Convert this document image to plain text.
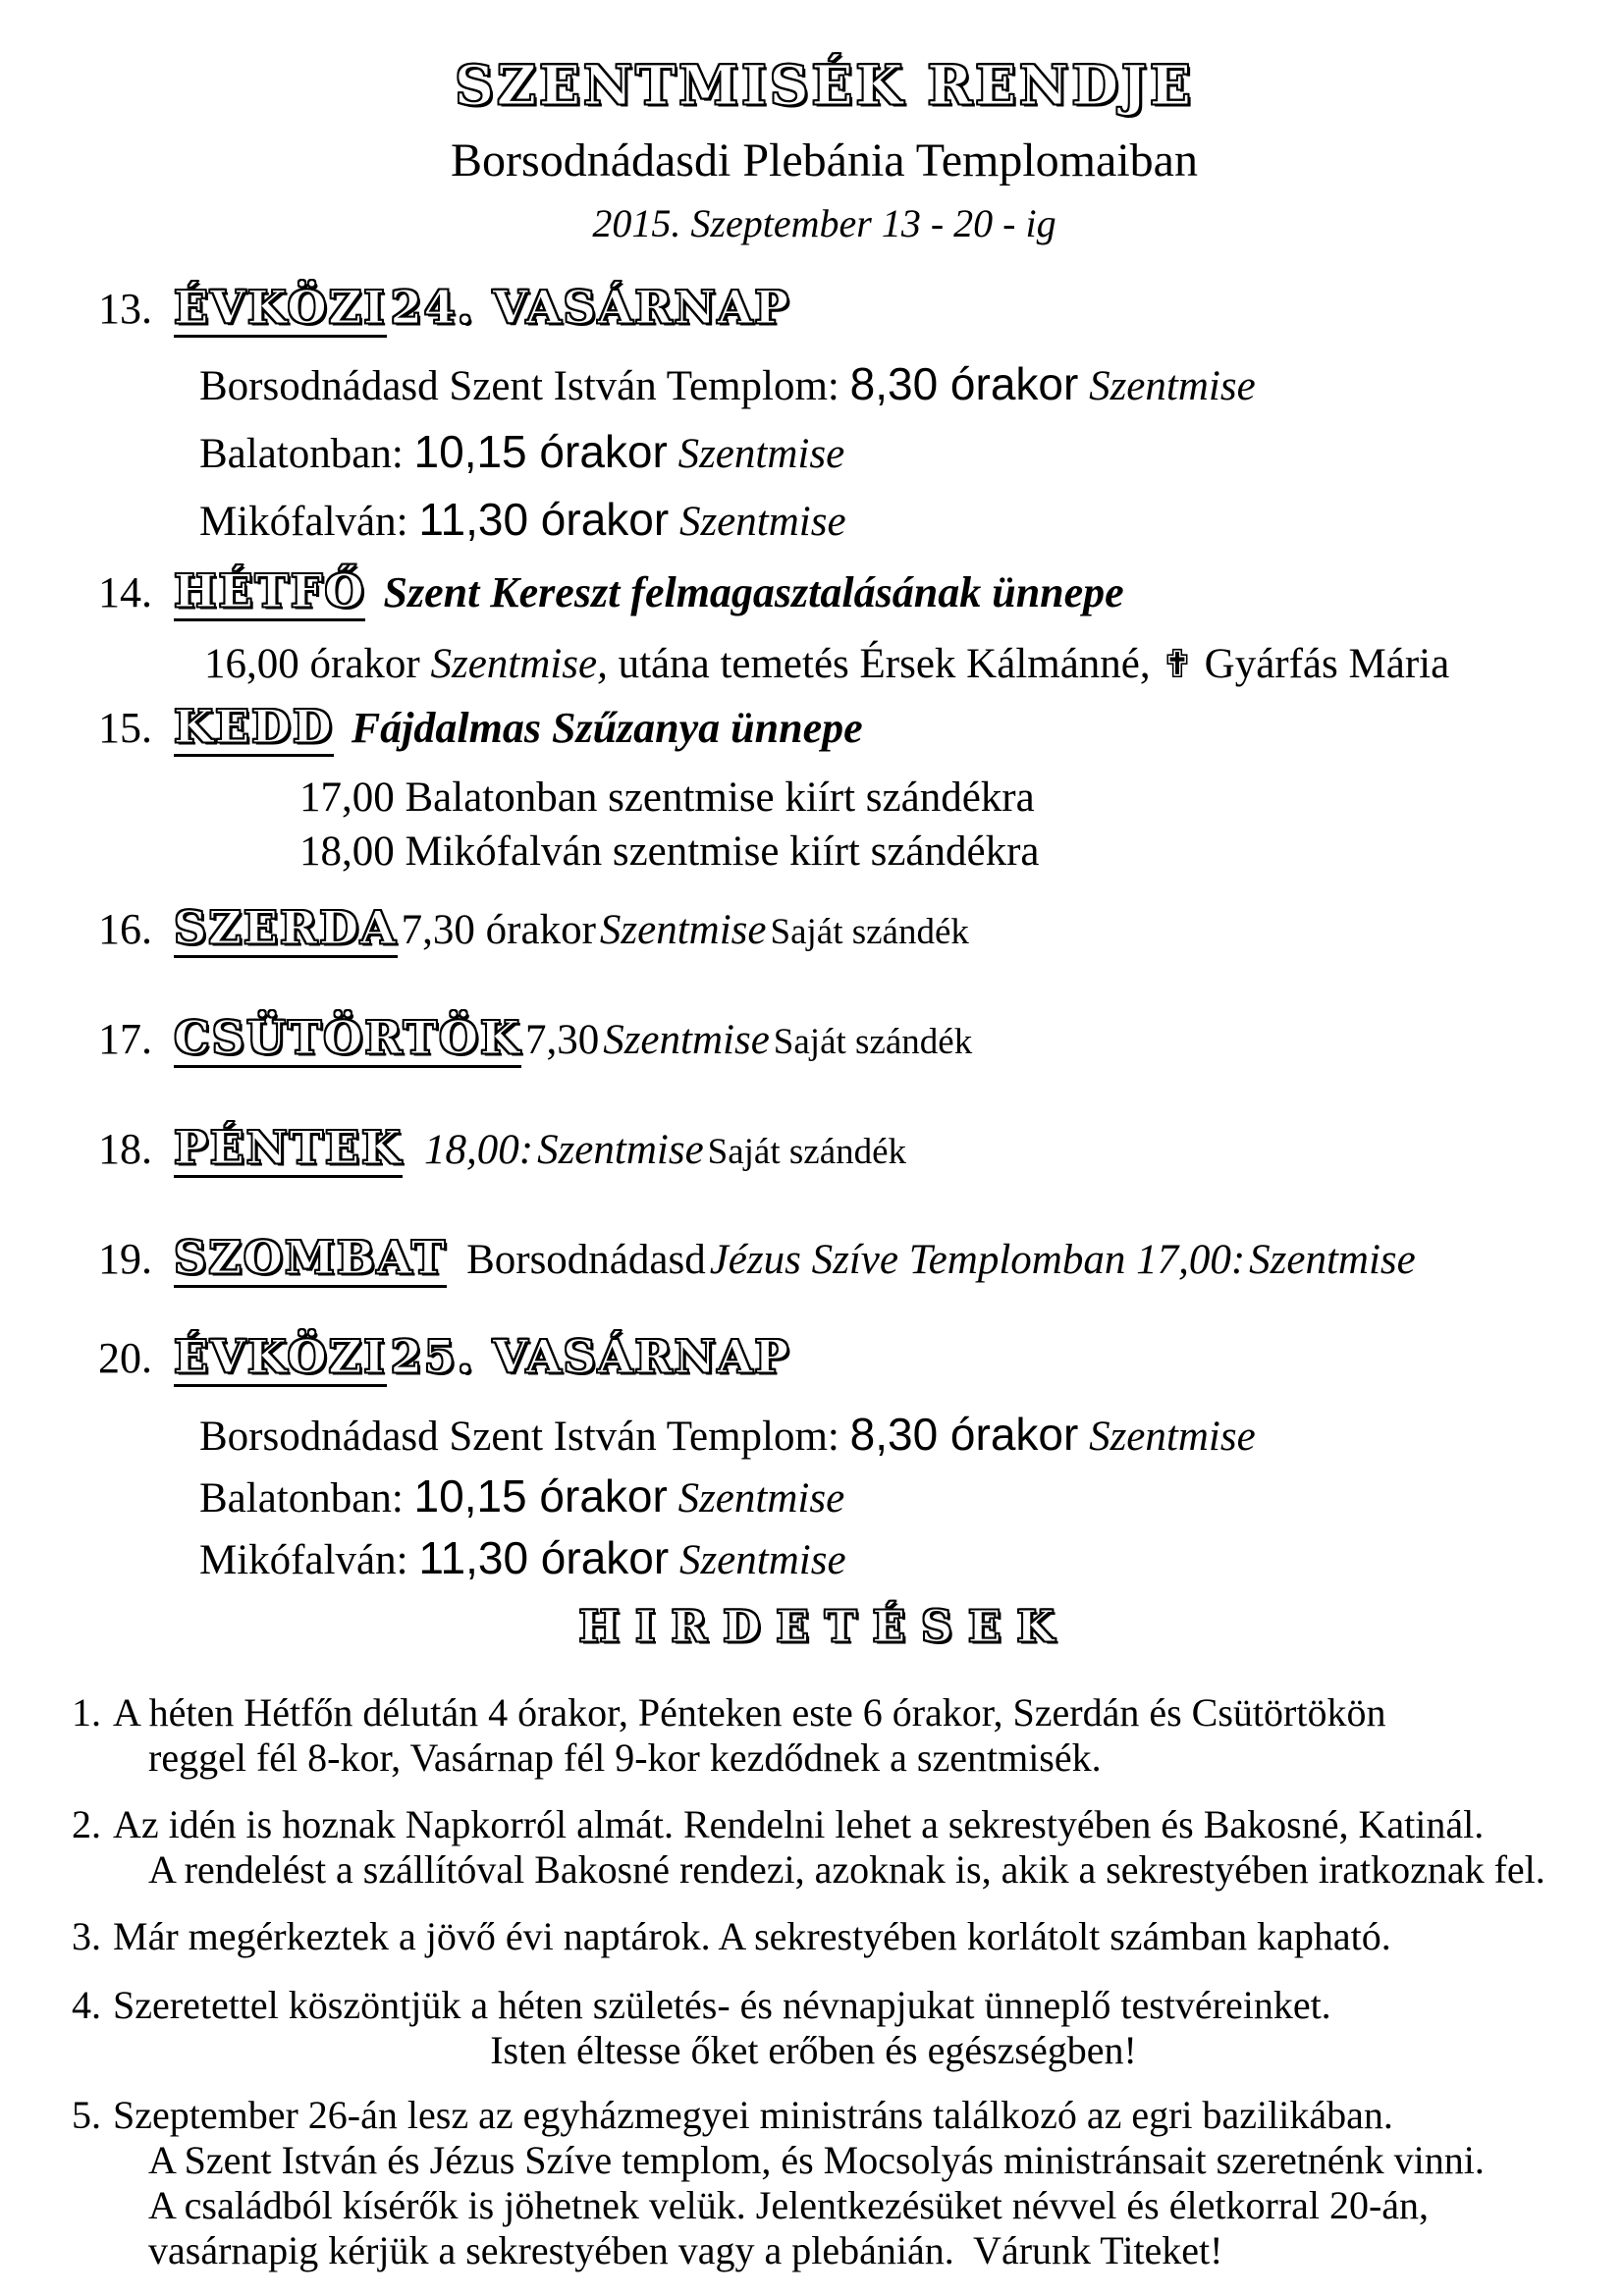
SZENTMISÉK RENDJE
Borsodnádasdi Plebánia Templomaiban
2015. Szeptember 13 - 20 - ig
13. ÉVKÖZI 24. VASÁRNAP
Borsodnádasd Szent István Templom: 8,30 órakor Szentmise
Balatonban: 10,15 órakor Szentmise
Mikófalván: 11,30 órakor Szentmise
14. HÉTFŐ Szent Kereszt felmagasztalásának ünnepe
16,00 órakor Szentmise, utána temetés Érsek Kálmánné, ✟ Gyárfás Mária
15. KEDD Fájdalmas Szűzanya ünnepe
17,00 Balatonban szentmise kiírt szándékra
18,00 Mikófalván szentmise kiírt szándékra
16. SZERDA 7,30 órakor Szentmise Saját szándék
17. CSÜTÖRTÖK 7,30 Szentmise Saját szándék
18. PÉNTEK 18,00: Szentmise Saját szándék
19. SZOMBAT Borsodnádasd Jézus Szíve Templomban 17,00: Szentmise
20. ÉVKÖZI 25. VASÁRNAP
Borsodnádasd Szent István Templom: 8,30 órakor Szentmise
Balatonban: 10,15 órakor Szentmise
Mikófalván: 11,30 órakor Szentmise
HIRDETÉSEK
1. A héten Hétfőn délután 4 órakor, Pénteken este 6 órakor, Szerdán és Csütörtökön
reggel fél 8-kor, Vasárnap fél 9-kor kezdődnek a szentmisék.
2. Az idén is hoznak Napkorról almát. Rendelni lehet a sekrestyében és Bakosné, Katinál.
A rendelést a szállítóval Bakosné rendezi, azoknak is, akik a sekrestyében iratkoznak fel.
3. Már megérkeztek a jövő évi naptárok. A sekrestyében korlátolt számban kapható.
4. Szeretettel köszöntjük a héten születés- és névnapjukat ünneplő testvéreinket.
Isten éltesse őket erőben és egészségben!
5. Szeptember 26-án lesz az egyházmegyei ministráns találkozó az egri bazilikában.
A Szent István és Jézus Szíve templom, és Mocsolyás ministránsait szeretnénk vinni.
A családból kísérők is jöhetnek velük. Jelentkezésüket névvel és életkorral 20-án,
vasárnapig kérjük a sekrestyében vagy a plebánián.  Várunk Titeket!
